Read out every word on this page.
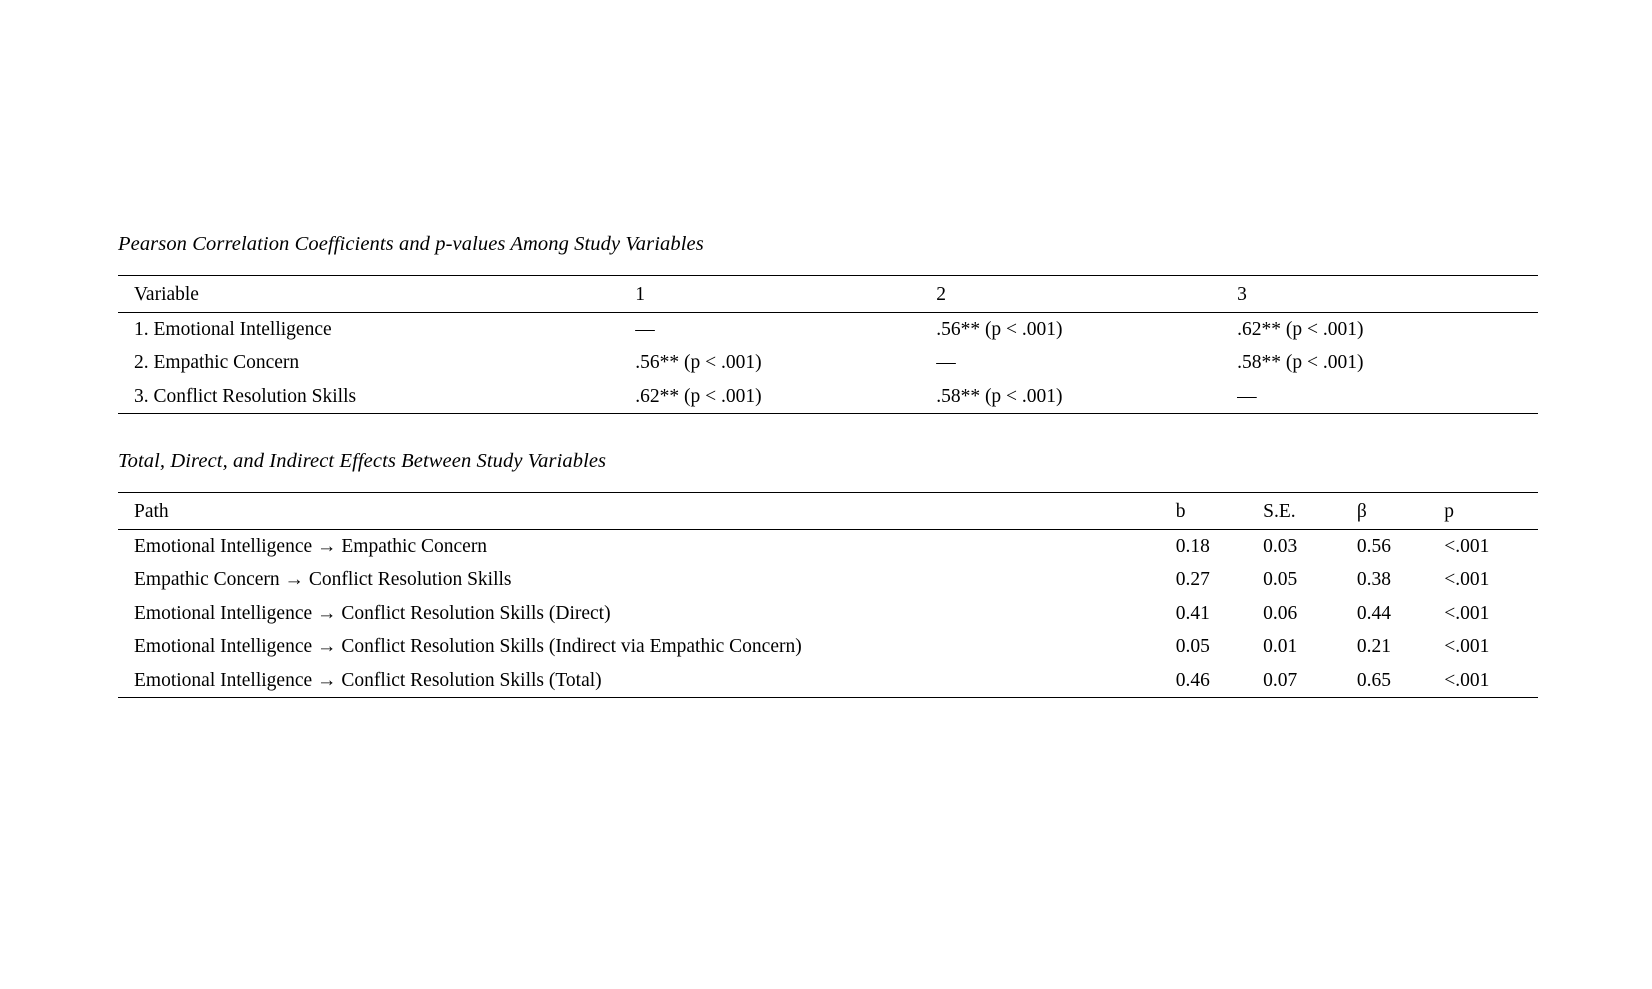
Pearson Correlation Coefficients and p-values Among Study Variables
Variable	1	2	3
1. Emotional Intelligence	—	.56** (p < .001)	.62** (p < .001)
2. Empathic Concern	.56** (p < .001)	—	.58** (p < .001)
3. Conflict Resolution Skills	.62** (p < .001)	.58** (p < .001)	—
Total, Direct, and Indirect Effects Between Study Variables
Path	b	S.E.	β	p
Emotional Intelligence → Empathic Concern	0.18	0.03	0.56	<.001
Empathic Concern → Conflict Resolution Skills	0.27	0.05	0.38	<.001
Emotional Intelligence → Conflict Resolution Skills (Direct)	0.41	0.06	0.44	<.001
Emotional Intelligence → Conflict Resolution Skills (Indirect via Empathic Concern)	0.05	0.01	0.21	<.001
Emotional Intelligence → Conflict Resolution Skills (Total)	0.46	0.07	0.65	<.001
